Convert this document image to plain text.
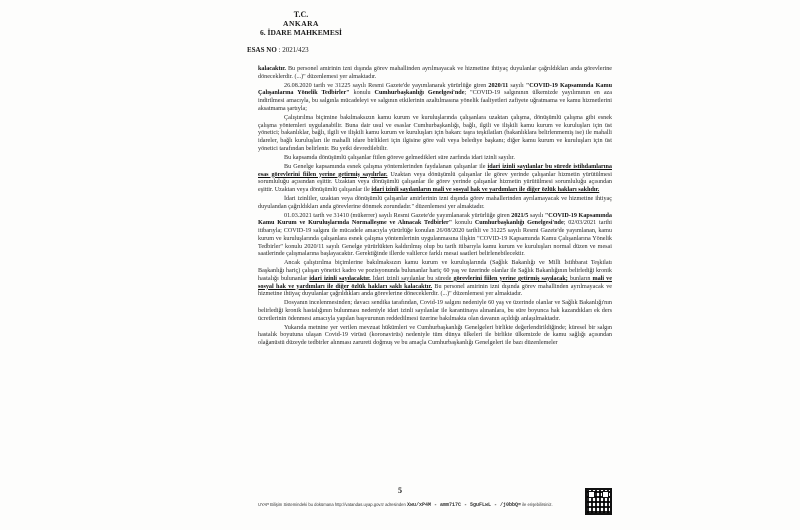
T.C.
ANKARA
6. İDARE MAHKEMESİ
ESAS NO : 2021/423

kalacaktır. Bu personel amirinin izni dışında görev mahallinden ayrılmayacak ve hizmetine ihtiyaç duyulanlar çağrıldıkları anda görevlerine döneceklerdir. (...)" düzenlemesi yer almaktadır.

26.08.2020 tarih ve 31225 sayılı Resmi Gazete'de yayımlanarak yürürlüğe giren 2020/11 sayılı "COVID-19 Kapsamında Kamu Çalışanlarına Yönelik Tedbirler" konulu Cumhurbaşkanlığı Genelgesi'nde; "COVID-19 salgınının ülkemizde yayılımının en aza indirilmesi amacıyla, bu salgınla mücadeleyi ve salgının etkilerinin azaltılmasına yönelik faaliyetleri zafiyete uğratmama ve kamu hizmetlerini aksatmama şartıyla;

Çalıştırılma biçimine bakılmaksızın kamu kurum ve kuruluşlarında çalışanlara uzaktan çalışma, dönüşümlü çalışma gibi esnek çalışma yöntemleri uygulanabilir. Buna dair usul ve esaslar Cumhurbaşkanlığı, bağlı, ilgili ve ilişkili kamu kurum ve kuruluşları için üst yönetici; bakanlıklar, bağlı, ilgili ve ilişkili kamu kurum ve kuruluşları için bakan: taşra teşkilatları (bakanlıklara belirlenmemiş ise) ile mahalli idareler, bağlı kuruluşları ile mahalli idare birlikleri için ilgisine göre vali veya belediye başkanı; diğer kamu kurum ve kuruluşları için üst yönetici tarafından belirlenir. Bu yetki devredilebilir.

Bu kapsamda dönüşümlü çalışanlar fiilen göreve gelmedikleri süre zarfında idari izinli sayılır.

Bu Genelge kapsamında esnek çalışma yöntemlerinden faydalanan çalışanlar ile idari izinli sayılanlar bu sürede istihdamlarına esas görevlerini fiilen yerine getirmiş sayılırlar. Uzaktan veya dönüşümlü çalışanlar ile görev yerinde çalışanlar hizmetin yürütülmesi sorumluluğu açısından eşittir. Uzaktan veya dönüşümlü çalışanlar ile görev yerinde çalışanlar hizmetin yürütülmesi sorumluluğu açısından eşittir. Uzaktan veya dönüşümlü çalışanlar ile idari izinli sayılanların mali ve sosyal hak ve yardımları ile diğer özlük hakları saklıdır.

İdari izinliler, uzaktan veya dönüşümlü çalışanlar amirlerinin izni dışında görev mahallerinden ayrılamayacak ve hizmetine ihtiyaç duyulandan çağrıldıkları anda görevlerine dönmek zorundadır." düzenlemesi yer almaktadır.

01.03.2021 tarih ve 31410 (mükerrer) sayılı Resmi Gazete'de yayımlanarak yürürlüğe giren 2021/5 sayılı "COVID-19 Kapsamında Kamu Kurum ve Kuruluşlarında Normalleşme ve Alınacak Tedbirler" konulu Cumhurbaşkanlığı Genelgesi'nde; 02/03/2021 tarihi itibarıyla; COVID-19 salgını ile mücadele amacıyla yürürlüğe konulan 26/08/2020 tarihli ve 31225 sayılı Resmi Gazete'de yayımlanan, kamu kurum ve kuruluşlarında çalışanlara esnek çalışma yöntemlerinin uygulanmasına ilişkin "COVID-19 Kapsamında Kamu Çalışanlarına Yönelik Tedbirler" konulu 2020/11 sayılı Genelge yürürlükten kaldırılmış olup bu tarih itibarıyla kamu kurum ve kuruluşları normal düzen ve mesai saatlerinde çalışmalarına başlayacaktır. Gerektiğinde illerde valilerce farklı mesai saatleri belirlenebilecektir.

Ancak çalıştırılma biçimlerine bakılmaksızın kamu kurum ve kuruluşlarında (Sağlık Bakanlığı ve Milli İstihbarat Teşkilatı Başkanlığı hariç) çalışan yönetici kadro ve pozisyonunda bulunanlar hariç 60 yaş ve üzerinde olanlar ile Sağlık Bakanlığının belirlediği kronik hastalığı bulunanlar idari izinli sayılacaktır. İdari izinli sayılanlar bu sürede görevlerini fiilen yerine getirmiş sayılacak; bunların mali ve sosyal hak ve yardımları ile diğer özlük hakları saklı kalacaktır. Bu personel amirinin izni dışında görev mahallinden ayrılmayacak ve hizmetine ihtiyaç duyulanlar çağrıldıkları anda görevlerine döneceklerdir. (...)" düzenlemesi yer almaktadır.

Dosyanın incelenmesinden; davacı sendika tarafından, Covid-19 salgını nedeniyle 60 yaş ve üzerinde olanlar ve Sağlık Bakanlığı'nın belirlediği kronik hastalığının bulunması nedeniyle idari izinli sayılanlar ile karantinaya alınanlara, bu süre boyunca hak kazandıkları ek ders ücretlerinin ödenmesi amacıyla yapılan başvurunun reddedilmesi üzerine bakılmakta olan davanın açıldığı anlaşılmaktadır.

Yukarıda metnine yer verilen mevzuat hükümleri ve Cumhurbaşkanlığı Genelgeleri birlikte değerlendirildiğinde; küresel bir salgın hastalık boyutuna ulaşan Covid-19 virüsü (koronavirüs) nedeniyle tüm dünya ülkeleri ile birlikte ülkemizde de kamu sağlığı açısından olağanüstü düzeyde tedbirler alınması zarureti doğmuş ve bu amaçla Cumhurbaşkanlığı Genelgeleri ile bazı düzenlemeler

5
UYAP Bilişim Sistemindeki bu dokümana http://vatandas.uyap.gov.tr adresinden Xwu/xP4M - amm717C - 5guFLwL - /j0bbQ= ile erişebilirsiniz.
